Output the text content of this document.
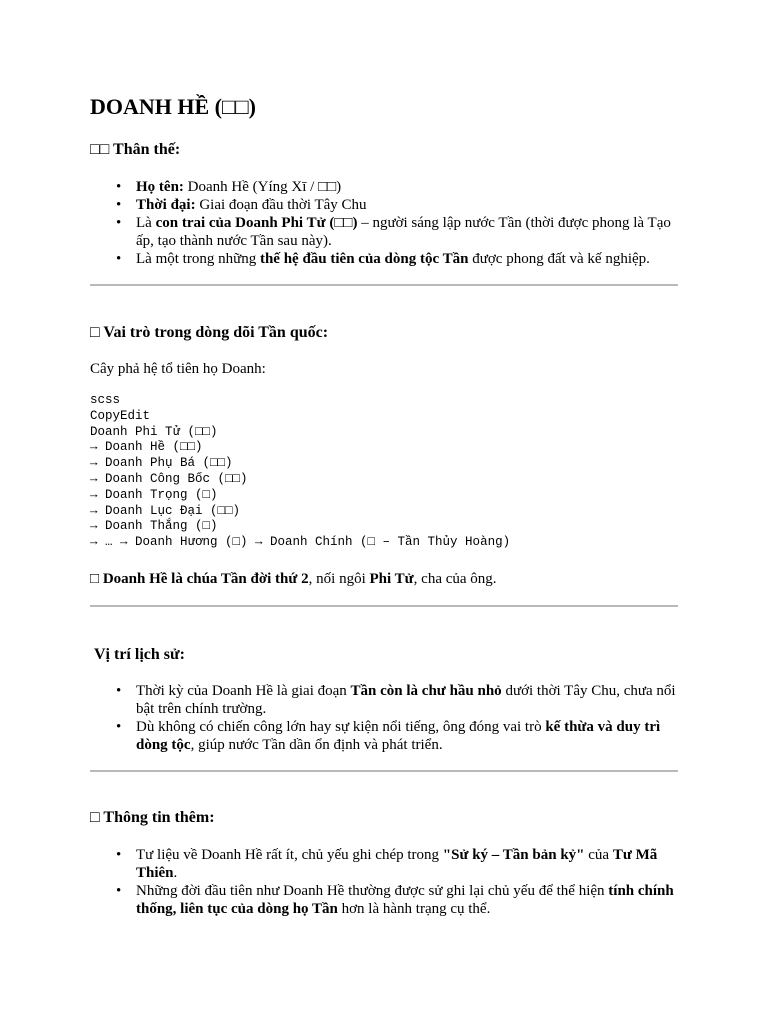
DOANH HỀ (□□)
□□ Thân thế:
• Họ tên: Doanh Hề (Yíng Xī / □□)
• Thời đại: Giai đoạn đầu thời Tây Chu
• Là con trai của Doanh Phi Tử (□□) – người sáng lập nước Tần (thời được phong là Tạo ấp, tạo thành nước Tần sau này).
• Là một trong những thế hệ đầu tiên của dòng tộc Tần được phong đất và kế nghiệp.
□ Vai trò trong dòng dõi Tần quốc:

Cây phả hệ tổ tiên họ Doanh:

scss
CopyEdit
Doanh Phi Tử (□□)
→ Doanh Hề (□□)
→ Doanh Phụ Bá (□□)
→ Doanh Công Bốc (□□)
→ Doanh Trọng (□)
→ Doanh Lục Đại (□□)
→ Doanh Thắng (□)
→ … → Doanh Hương (□) → Doanh Chính (□ – Tần Thủy Hoàng)

□ Doanh Hề là chúa Tần đời thứ 2, nối ngôi Phi Tử, cha của ông.

Vị trí lịch sử:
• Thời kỳ của Doanh Hề là giai đoạn Tần còn là chư hầu nhỏ dưới thời Tây Chu, chưa nổi bật trên chính trường.
• Dù không có chiến công lớn hay sự kiện nổi tiếng, ông đóng vai trò kế thừa và duy trì dòng tộc, giúp nước Tần dần ổn định và phát triển.
□ Thông tin thêm:
• Tư liệu về Doanh Hề rất ít, chủ yếu ghi chép trong "Sử ký – Tần bản kỷ" của Tư Mã Thiên.
• Những đời đầu tiên như Doanh Hề thường được sử ghi lại chủ yếu để thể hiện tính chính thống, liên tục của dòng họ Tần hơn là hành trạng cụ thể.
